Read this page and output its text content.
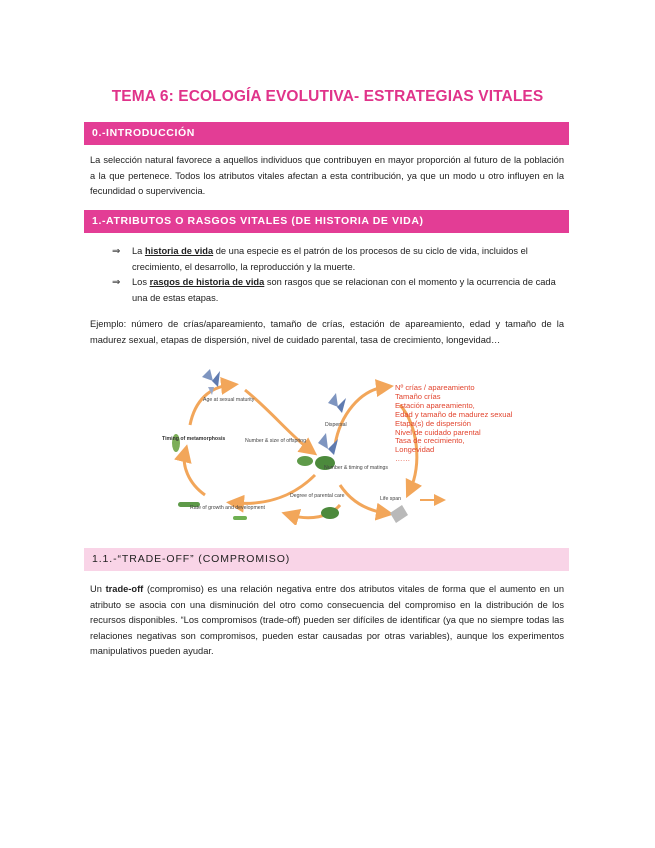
TEMA 6: ECOLOGÍA EVOLUTIVA- ESTRATEGIAS VITALES
0.-INTRODUCCIÓN
La selección natural favorece a aquellos individuos que contribuyen en mayor proporción al futuro de la población a la que pertenece. Todos los atributos vitales afectan a esta contribución, ya que un modo u otro influyen en la fecundidad o supervivencia.
1.-ATRIBUTOS O RASGOS VITALES (DE HISTORIA DE VIDA)
⇒ La historia de vida de una especie es el patrón de los procesos de su ciclo de vida, incluidos el crecimiento, el desarrollo, la reproducción y la muerte.
⇒ Los rasgos de historia de vida son rasgos que se relacionan con el momento y la ocurrencia de cada una de estas etapas.
Ejemplo: número de crías/apareamiento, tamaño de crías, estación de apareamiento, edad y tamaño de la madurez sexual, etapas de dispersión, nivel de cuidado parental, tasa de crecimiento, longevidad…
Age at sexual maturity
Timing of metamorphosis	Number & size of offspring
Dispersal
Number & timing of matings
Rate of growth and development
Degree of parental care	Life span
Nº crías / apareamiento
Tamaño crías
Estación apareamiento,
Edad y tamaño de madurez sexual
Etapa(s) de dispersión
Nivel de cuidado parental
Tasa de crecimiento,
Longevidad
……
1.1.-“TRADE-OFF” (COMPROMISO)
Un trade-off (compromiso) es una relación negativa entre dos atributos vitales de forma que el aumento en un atributo se asocia con una disminución del otro como consecuencia del compromiso en la distribución de los recursos disponibles. “Los compromisos (trade-off) pueden ser difíciles de identificar (ya que no siempre todas las relaciones negativas son compromisos, pueden estar causadas por otras variables), aunque los experimentos manipulativos pueden ayudar.
